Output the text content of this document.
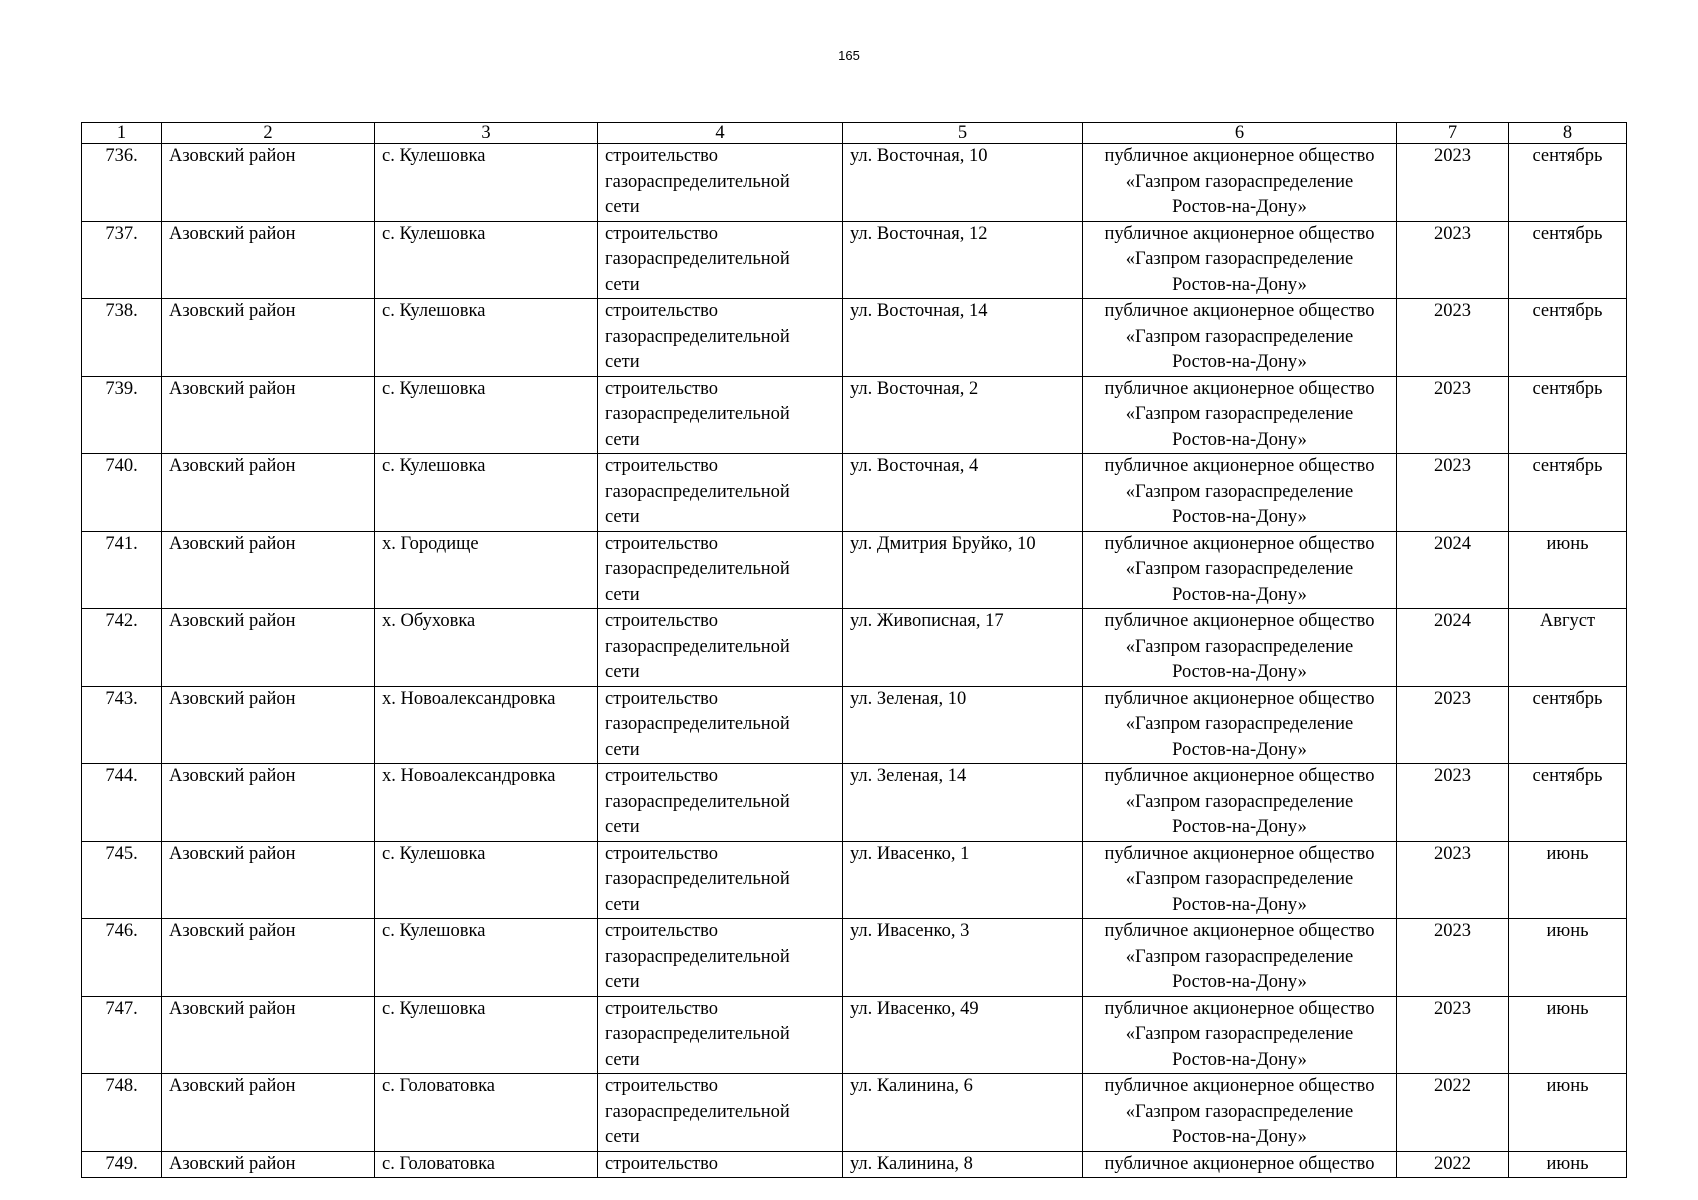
165
1	2	3	4	5	6	7	8
736.	Азовский район	с. Кулешовка	строительство
газораспределительной
сети	ул. Восточная, 10	публичное акционерное общество
«Газпром газораспределение
Ростов-на-Дону»	2023	сентябрь
737.	Азовский район	с. Кулешовка	строительство
газораспределительной
сети	ул. Восточная, 12	публичное акционерное общество
«Газпром газораспределение
Ростов-на-Дону»	2023	сентябрь
738.	Азовский район	с. Кулешовка	строительство
газораспределительной
сети	ул. Восточная, 14	публичное акционерное общество
«Газпром газораспределение
Ростов-на-Дону»	2023	сентябрь
739.	Азовский район	с. Кулешовка	строительство
газораспределительной
сети	ул. Восточная, 2	публичное акционерное общество
«Газпром газораспределение
Ростов-на-Дону»	2023	сентябрь
740.	Азовский район	с. Кулешовка	строительство
газораспределительной
сети	ул. Восточная, 4	публичное акционерное общество
«Газпром газораспределение
Ростов-на-Дону»	2023	сентябрь
741.	Азовский район	х. Городище	строительство
газораспределительной
сети	ул. Дмитрия Бруйко, 10	публичное акционерное общество
«Газпром газораспределение
Ростов-на-Дону»	2024	июнь
742.	Азовский район	х. Обуховка	строительство
газораспределительной
сети	ул. Живописная, 17	публичное акционерное общество
«Газпром газораспределение
Ростов-на-Дону»	2024	Август
743.	Азовский район	х. Новоалександровка	строительство
газораспределительной
сети	ул. Зеленая, 10	публичное акционерное общество
«Газпром газораспределение
Ростов-на-Дону»	2023	сентябрь
744.	Азовский район	х. Новоалександровка	строительство
газораспределительной
сети	ул. Зеленая, 14	публичное акционерное общество
«Газпром газораспределение
Ростов-на-Дону»	2023	сентябрь
745.	Азовский район	с. Кулешовка	строительство
газораспределительной
сети	ул. Ивасенко, 1	публичное акционерное общество
«Газпром газораспределение
Ростов-на-Дону»	2023	июнь
746.	Азовский район	с. Кулешовка	строительство
газораспределительной
сети	ул. Ивасенко, 3	публичное акционерное общество
«Газпром газораспределение
Ростов-на-Дону»	2023	июнь
747.	Азовский район	с. Кулешовка	строительство
газораспределительной
сети	ул. Ивасенко, 49	публичное акционерное общество
«Газпром газораспределение
Ростов-на-Дону»	2023	июнь
748.	Азовский район	с. Головатовка	строительство
газораспределительной
сети	ул. Калинина, 6	публичное акционерное общество
«Газпром газораспределение
Ростов-на-Дону»	2022	июнь
749.	Азовский район	с. Головатовка	строительство	ул. Калинина, 8	публичное акционерное общество	2022	июнь
